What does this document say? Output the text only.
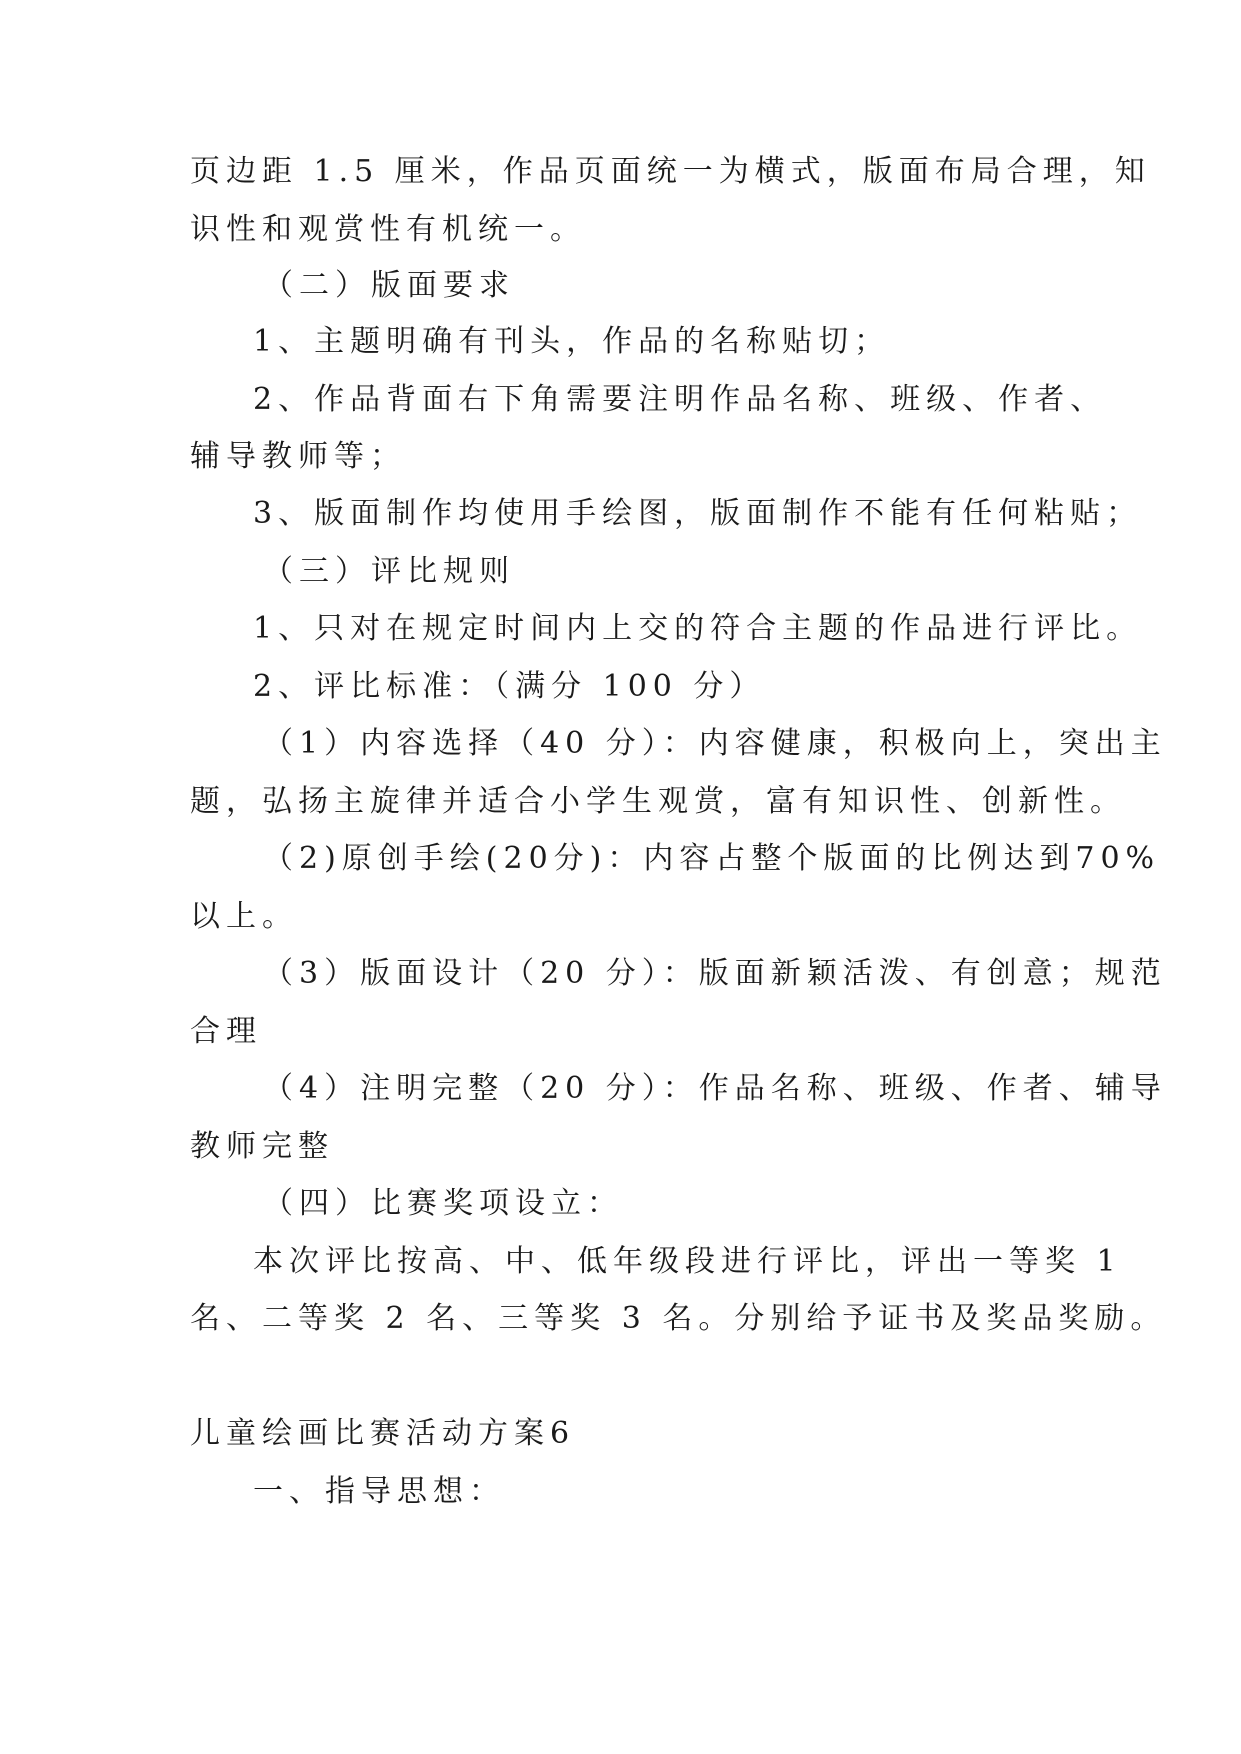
页边距 1.5 厘米，作品页面统一为横式，版面布局合理，知
识性和观赏性有机统一。
（二）版面要求
1、主题明确有刊头，作品的名称贴切；
2、作品背面右下角需要注明作品名称、班级、作者、
辅导教师等；
3、版面制作均使用手绘图，版面制作不能有任何粘贴；
（三）评比规则
1、只对在规定时间内上交的符合主题的作品进行评比。
2、评比标准：（满分 100 分）
（1）内容选择（40 分）：内容健康，积极向上，突出主
题，弘扬主旋律并适合小学生观赏，富有知识性、创新性。
（2)原创手绘(20分)：内容占整个版面的比例达到70%
以上。
（3）版面设计（20 分）：版面新颖活泼、有创意；规范
合理
（4）注明完整（20 分）：作品名称、班级、作者、辅导
教师完整
（四）比赛奖项设立：
本次评比按高、中、低年级段进行评比，评出一等奖 1
名、二等奖 2 名、三等奖 3 名。分别给予证书及奖品奖励。
儿童绘画比赛活动方案6
一、指导思想：
